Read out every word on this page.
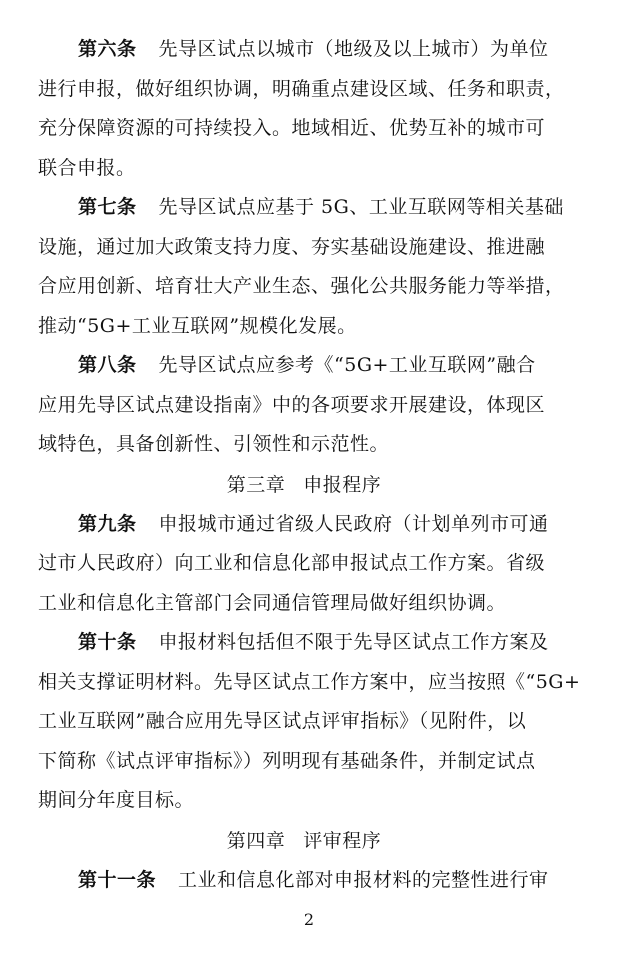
第六条 先导区试点以城市（地级及以上城市）为单位
进行申报，做好组织协调，明确重点建设区域、任务和职责，
充分保障资源的可持续投入。地域相近、优势互补的城市可
联合申报。
第七条 先导区试点应基于 5G、工业互联网等相关基础
设施，通过加大政策支持力度、夯实基础设施建设、推进融
合应用创新、培育壮大产业生态、强化公共服务能力等举措，
推动“5G+工业互联网”规模化发展。
第八条 先导区试点应参考《“5G+工业互联网”融合
应用先导区试点建设指南》中的各项要求开展建设，体现区
域特色，具备创新性、引领性和示范性。
第三章 申报程序
第九条 申报城市通过省级人民政府（计划单列市可通
过市人民政府）向工业和信息化部申报试点工作方案。省级
工业和信息化主管部门会同通信管理局做好组织协调。
第十条 申报材料包括但不限于先导区试点工作方案及
相关支撑证明材料。先导区试点工作方案中，应当按照《“5G+
工业互联网”融合应用先导区试点评审指标》（见附件，以
下简称《试点评审指标》）列明现有基础条件，并制定试点
期间分年度目标。
第四章 评审程序
第十一条 工业和信息化部对申报材料的完整性进行审
2
